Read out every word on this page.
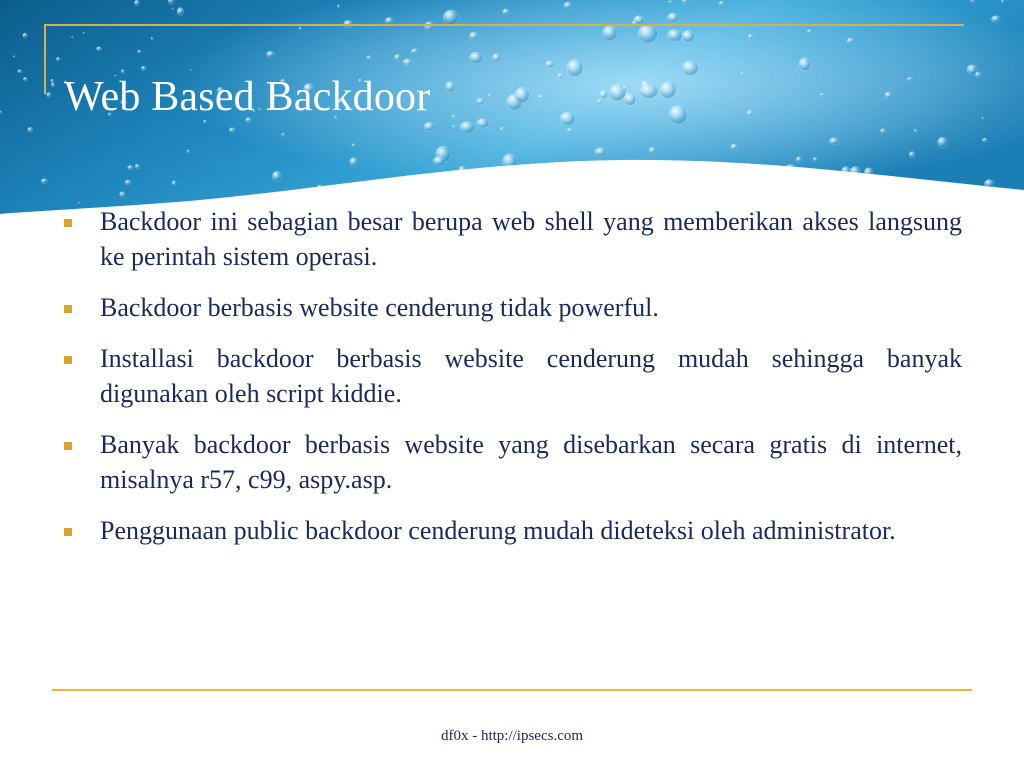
Web Based Backdoor
Backdoor ini sebagian besar berupa web shell yang memberikan akses langsung ke perintah sistem operasi.
Backdoor berbasis website cenderung tidak powerful.
Installasi backdoor berbasis website cenderung mudah sehingga banyak digunakan oleh script kiddie.
Banyak backdoor berbasis website yang disebarkan secara gratis di internet, misalnya r57, c99, aspy.asp.
Penggunaan public backdoor cenderung mudah dideteksi oleh administrator.
df0x - http://ipsecs.com
